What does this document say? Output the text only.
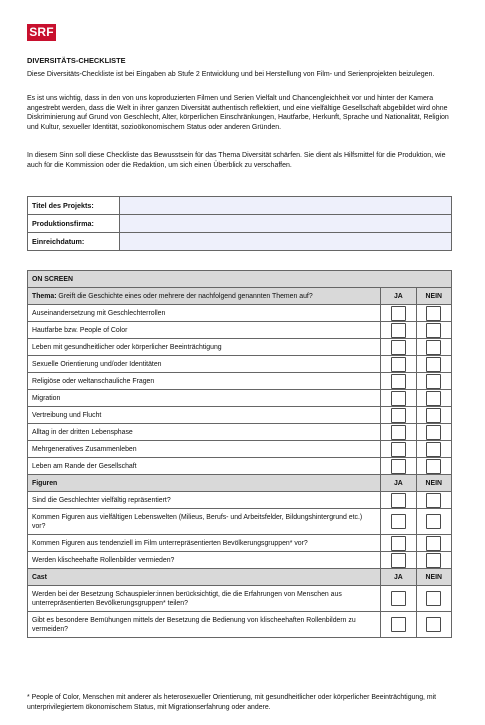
SRF
DIVERSITÄTS-CHECKLISTE

Diese Diversitäts-Checkliste ist bei Eingaben ab Stufe 2 Entwicklung und bei Herstellung von Film- und Serienprojekten beizulegen.

Es ist uns wichtig, dass in den von uns koproduzierten Filmen und Serien Vielfalt und Chancengleichheit vor und hinter der Kamera angestrebt werden, dass die Welt in ihrer ganzen Diversität authentisch reflektiert, und eine vielfältige Gesellschaft abgebildet wird ohne Diskriminierung auf Grund von Geschlecht, Alter, körperlichen Einschränkungen, Hautfarbe, Herkunft, Sprache und Nationalität, Religion und Kultur, sexueller Identität, sozioökonomischem Status oder anderen Gründen.

In diesem Sinn soll diese Checkliste das Bewusstsein für das Thema Diversität schärfen. Sie dient als Hilfsmittel für die Produktion, wie auch für die Kommission oder die Redaktion, um sich einen Überblick zu verschaffen.

Titel des Projekts:	
Produktionsfirma:	
Einreichdatum:	
ON SCREEN		
Thema: Greift die Geschichte eines oder mehrere der nachfolgend genannten Themen auf?	JA	NEIN
Auseinandersetzung mit Geschlechterrollen		
Hautfarbe bzw. People of Color		
Leben mit gesundheitlicher oder körperlicher Beeinträchtigung		
Sexuelle Orientierung und/oder Identitäten		
Religiöse oder weltanschauliche Fragen		
Migration		
Vertreibung und Flucht		
Alltag in der dritten Lebensphase		
Mehrgeneratives Zusammenleben		
Leben am Rande der Gesellschaft		
Figuren	JA	NEIN
Sind die Geschlechter vielfältig repräsentiert?		
Kommen Figuren aus vielfältigen Lebenswelten (Milieus, Berufs- und Arbeitsfelder, Bildungshintergrund etc.) vor?		
Kommen Figuren aus tendenziell im Film unterrepräsentierten Bevölkerungsgruppen* vor?		
Werden klischeehafte Rollenbilder vermieden?		
Cast	JA	NEIN
Werden bei der Besetzung Schauspieler:innen berücksichtigt, die die Erfahrungen von Menschen aus unterrepräsentierten Bevölkerungsgruppen* teilen?		
Gibt es besondere Bemühungen mittels der Besetzung die Bedienung von klischeehaften Rollenbildern zu vermeiden?		

* People of Color, Menschen mit anderer als heterosexueller Orientierung, mit gesundheitlicher oder körperlicher Beeinträchtigung, mit unterprivilegiertem ökonomischem Status, mit Migrationserfahrung oder andere.
